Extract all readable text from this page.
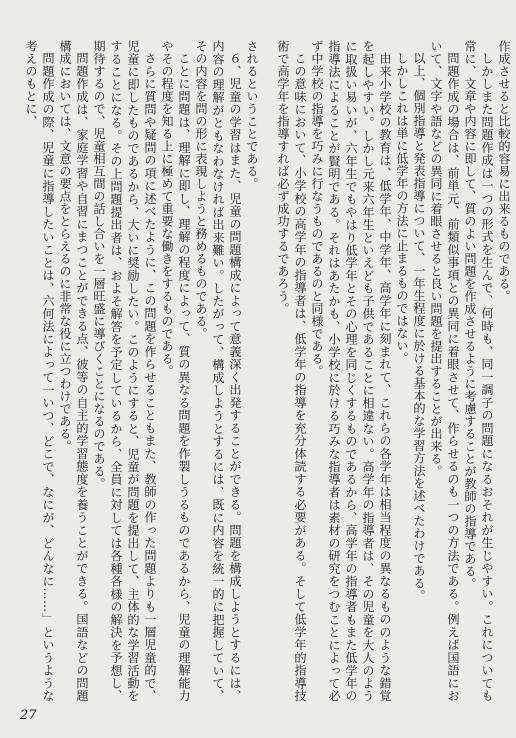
されるということである。

６、児童の学習はまた、児童の問題構成によって意義深く出発することができる。問題を構成しようとするには、内容の理解がともなわなければ出来難い。したがって、構成しようとするには、既に内容を統一的に把握していて、その内容を問の形に表現しようと務めるものである。

ことに問題は、理解に即し、理解の程度によって、質の異なる問題を作製しうるものであるから、児童の理解能力やその程度を知る上に極めて重要な働きをするものである。

さらに質問や疑問の項に述べたように、この問題を作らせることもまた、教師の作った問題よりも一層児童的で、児童に即したものであるから、大いに奨励したい。このようにすると、児童が問題を提出して、主体的な学習活動をすることになる。その上問題提出者は、およそ解答を予定しているから、全員に対しては各種各様の解決を予想し、期待するので、児童相互間の話し合いを一層旺盛に導びくことになるのである。

問題作成は、家庭学習や自習にまつことができる点、彼等の自主的学習態度を養うことができる。国語などの問題構成においては、文意の要点をとらえるのに非常な役に立つわけである。

問題作成の際、児童に指導したいことは、六何法によって一いつ、どこで、なにが、どんなに……」というような考えのもとに、	作成させると比較的容易に出来るものである。

しかしまた問題作成は一つの形式を生んで、何時も、同一調子の問題になるおそれが生じやすい。これについても常に、文章や内容に即して、質のよい問題を作成させるように考慮することが教師の指導である。

問題作成の場合は、前単元、前類似事項との異同に着眼させて、作らせるのも一つの方法である。例えば国語において、文字や語などの異同に着眼させると良い問題を提出することが出来る。

以上、個別指導と発表指導について、一年生程度に於ける基本的な学習方法を述べたわけである。

しかしこれは単に低学年の方法に止まるものではない。

由来小学校の教育は、低学年、中学年、高学年に刻まれて、これらの各学年は相当程度の異なるもののような錯覚を起しやすい。しかし元来六年生といえども子供であることに相違ない。高学年の指導者は、その児童を大人のように取扱い易いが、六年生でもやはり低学年とその心理を同じくするものであるから、高学年の指導者もまた低学年の指導法によることが賢明である。それはあたかも、小学校に於ける巧みな指導者は素材の研究をつむことによって必ず中学校の指導を巧みに行なうものであるのと同様である。

この意味において、小学校の高学年の指導者は、低学年の指導を充分体読する必要がある。そして低学年的指導技術で高学年を指導すれば必ず成功するであろう。

27
